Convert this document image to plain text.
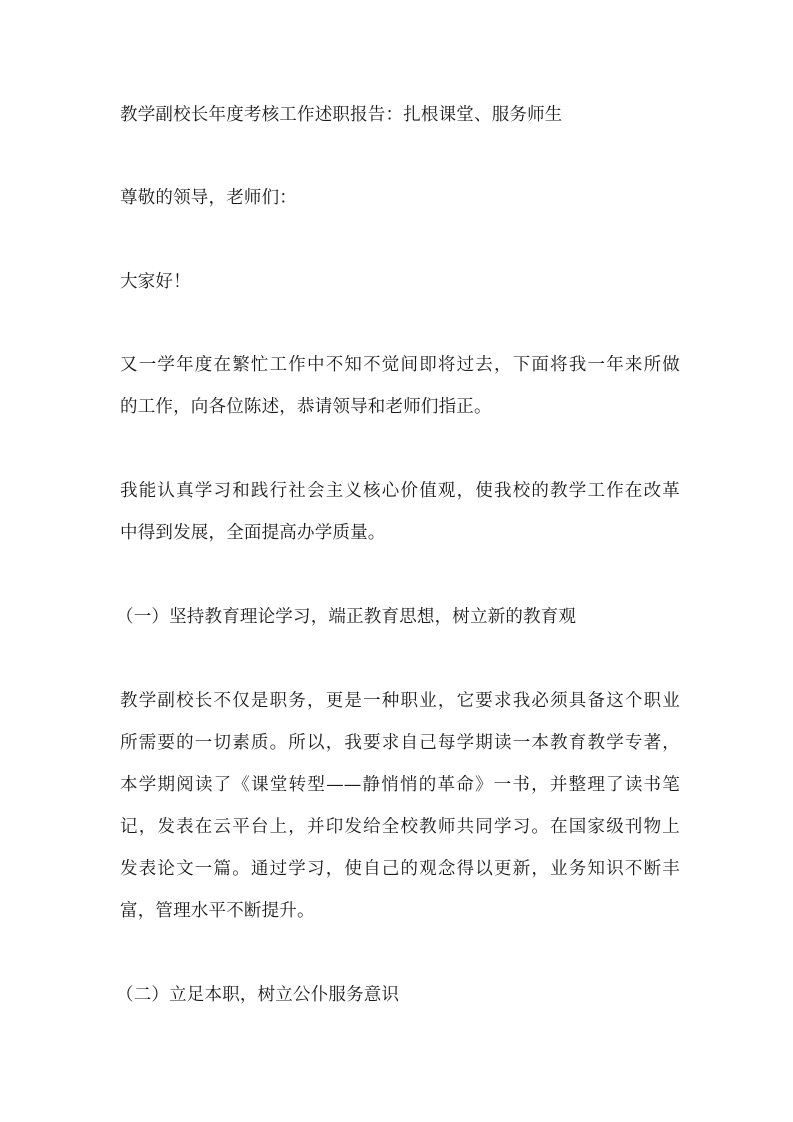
教学副校长年度考核工作述职报告：扎根课堂、服务师生
尊敬的领导，老师们：
大家好！
又一学年度在繁忙工作中不知不觉间即将过去，下面将我一年来所做
的工作，向各位陈述，恭请领导和老师们指正。
我能认真学习和践行社会主义核心价值观，使我校的教学工作在改革
中得到发展，全面提高办学质量。
（一）坚持教育理论学习，端正教育思想，树立新的教育观
教学副校长不仅是职务，更是一种职业，它要求我必须具备这个职业
所需要的一切素质。所以，我要求自己每学期读一本教育教学专著，
本学期阅读了《课堂转型——静悄悄的革命》一书，并整理了读书笔
记，发表在云平台上，并印发给全校教师共同学习。在国家级刊物上
发表论文一篇。通过学习，使自己的观念得以更新，业务知识不断丰
富，管理水平不断提升。
（二）立足本职，树立公仆服务意识
